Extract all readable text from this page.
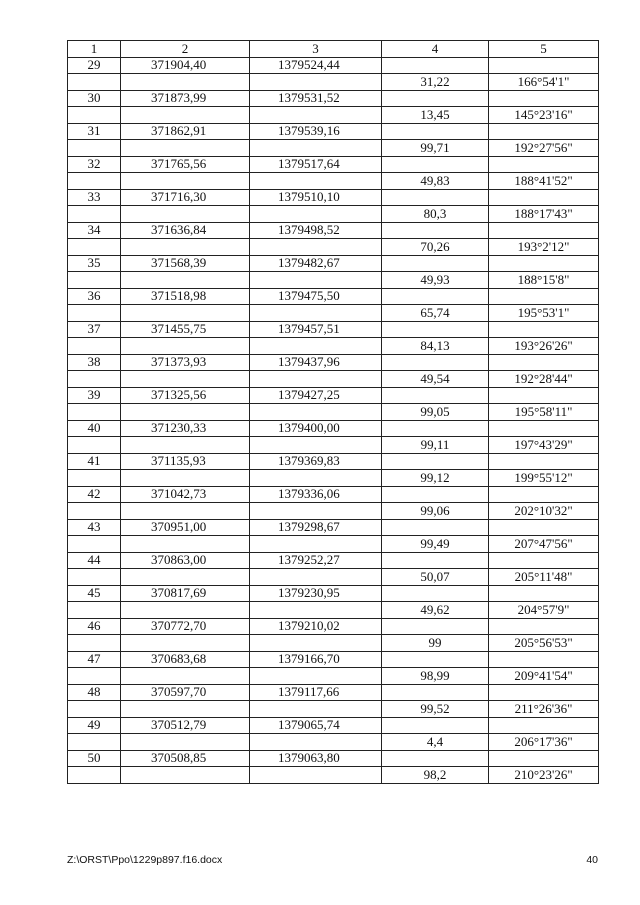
1	2	3	4	5
29	371904,40	1379524,44		
			31,22	166°54'1"
30	371873,99	1379531,52		
			13,45	145°23'16"
31	371862,91	1379539,16		
			99,71	192°27'56"
32	371765,56	1379517,64		
			49,83	188°41'52"
33	371716,30	1379510,10		
			80,3	188°17'43"
34	371636,84	1379498,52		
			70,26	193°2'12"
35	371568,39	1379482,67		
			49,93	188°15'8"
36	371518,98	1379475,50		
			65,74	195°53'1"
37	371455,75	1379457,51		
			84,13	193°26'26"
38	371373,93	1379437,96		
			49,54	192°28'44"
39	371325,56	1379427,25		
			99,05	195°58'11"
40	371230,33	1379400,00		
			99,11	197°43'29"
41	371135,93	1379369,83		
			99,12	199°55'12"
42	371042,73	1379336,06		
			99,06	202°10'32"
43	370951,00	1379298,67		
			99,49	207°47'56"
44	370863,00	1379252,27		
			50,07	205°11'48"
45	370817,69	1379230,95		
			49,62	204°57'9"
46	370772,70	1379210,02		
			99	205°56'53"
47	370683,68	1379166,70		
			98,99	209°41'54"
48	370597,70	1379117,66		
			99,52	211°26'36"
49	370512,79	1379065,74		
			4,4	206°17'36"
50	370508,85	1379063,80		
			98,2	210°23'26"
Z:\ORST\Ppo\1229p897.f16.docx	40
